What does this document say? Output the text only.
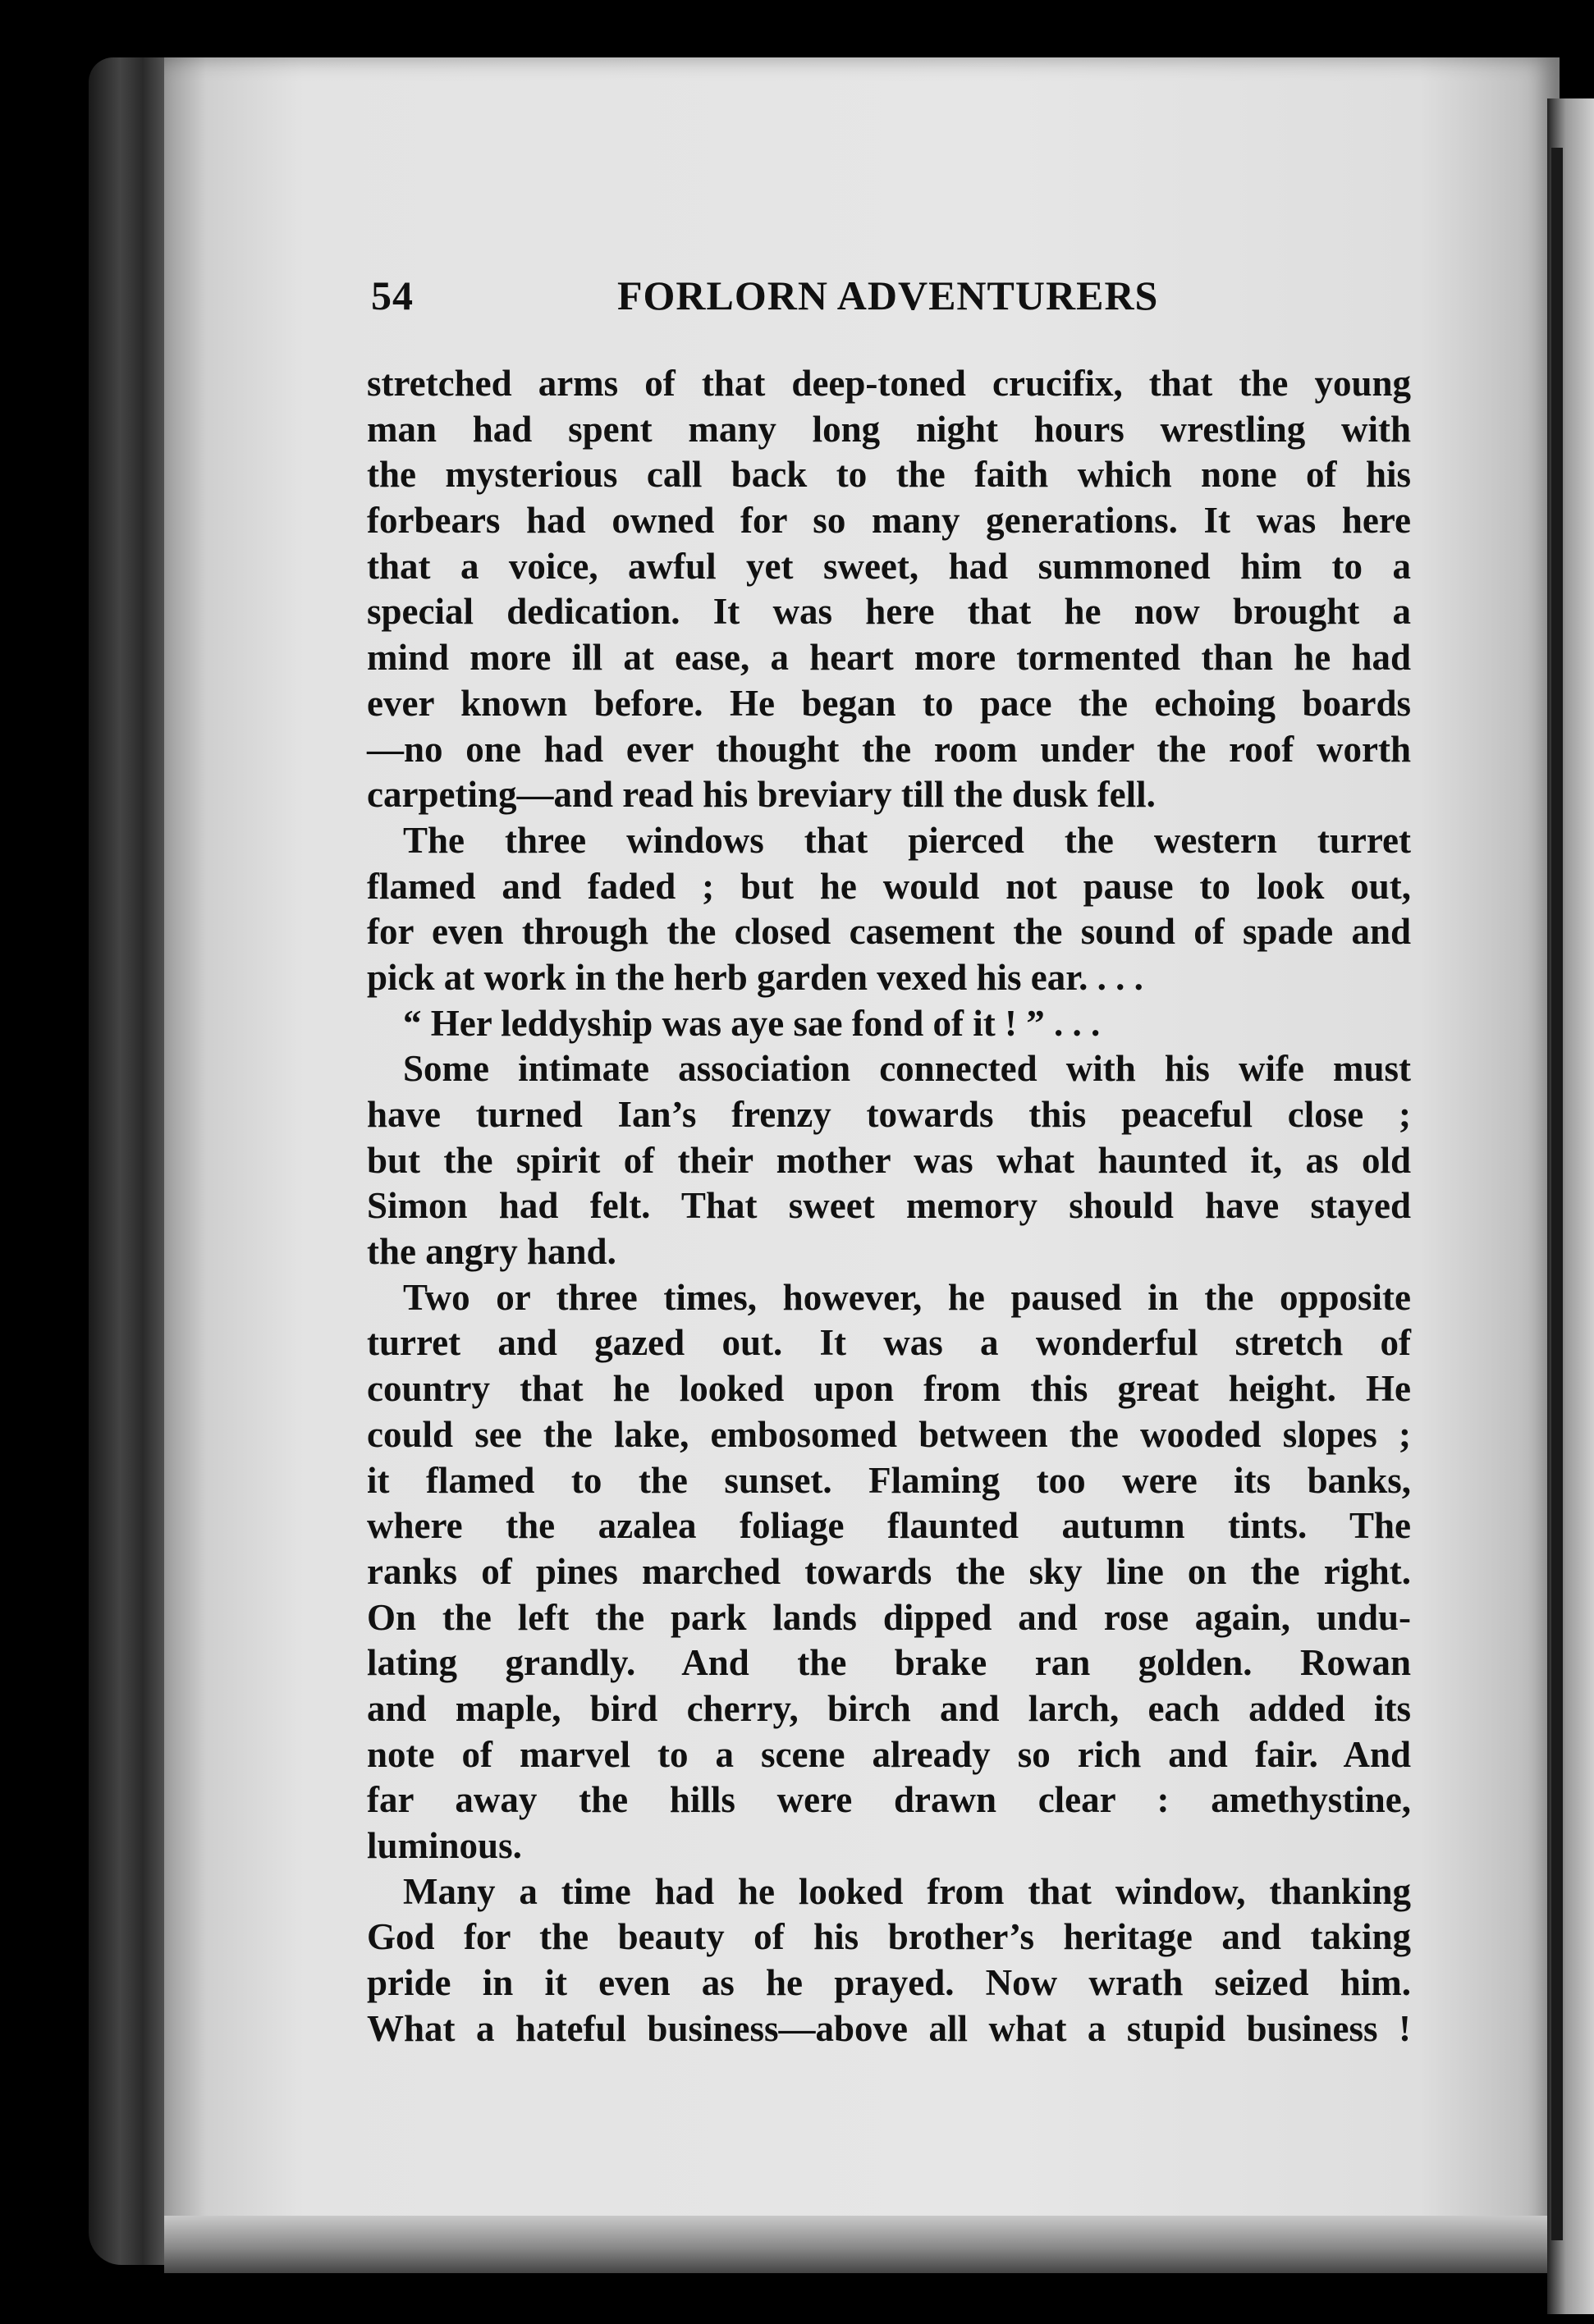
54	FORLORN ADVENTURERS
stretched arms of that deep-toned crucifix, that the young
man had spent many long night hours wrestling with
the mysterious call back to the faith which none of his
forbears had owned for so many generations. It was here
that a voice, awful yet sweet, had summoned him to a
special dedication. It was here that he now brought a
mind more ill at ease, a heart more tormented than he had
ever known before. He began to pace the echoing boards
—no one had ever thought the room under the roof worth
carpeting—and read his breviary till the dusk fell.
The three windows that pierced the western turret
flamed and faded ; but he would not pause to look out,
for even through the closed casement the sound of spade and
pick at work in the herb garden vexed his ear. . . .
“ Her leddyship was aye sae fond of it ! ” . . .
Some intimate association connected with his wife must
have turned Ian’s frenzy towards this peaceful close ;
but the spirit of their mother was what haunted it, as old
Simon had felt. That sweet memory should have stayed
the angry hand.
Two or three times, however, he paused in the opposite
turret and gazed out. It was a wonderful stretch of
country that he looked upon from this great height. He
could see the lake, embosomed between the wooded slopes ;
it flamed to the sunset. Flaming too were its banks,
where the azalea foliage flaunted autumn tints. The
ranks of pines marched towards the sky line on the right.
On the left the park lands dipped and rose again, undu-
lating grandly. And the brake ran golden. Rowan
and maple, bird cherry, birch and larch, each added its
note of marvel to a scene already so rich and fair. And
far away the hills were drawn clear : amethystine,
luminous.
Many a time had he looked from that window, thanking
God for the beauty of his brother’s heritage and taking
pride in it even as he prayed. Now wrath seized him.
What a hateful business—above all what a stupid business !
